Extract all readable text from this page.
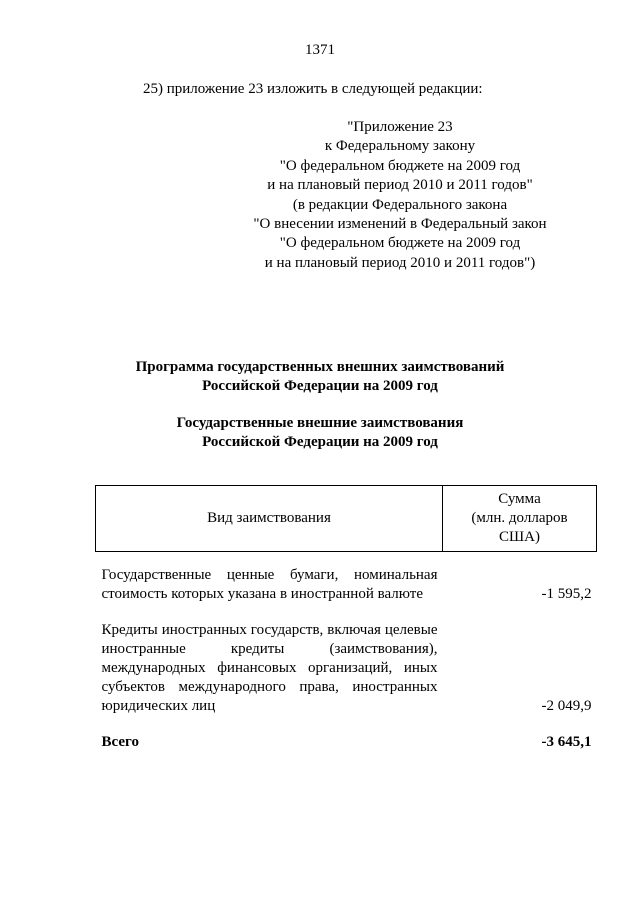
1371
25) приложение 23 изложить в следующей редакции:
"Приложение 23
к Федеральному закону
"О федеральном бюджете на 2009 год
и на плановый период 2010 и 2011 годов"
(в редакции Федерального закона
"О внесении изменений в Федеральный закон
"О федеральном бюджете на 2009 год
и на плановый период 2010 и 2011 годов")
Программа государственных внешних заимствований
Российской Федерации на 2009 год
Государственные внешние заимствования
Российской Федерации на 2009 год
Вид заимствования	Сумма
(млн. долларов
США)

Государственные ценные бумаги, номинальная стоимость которых указана в иностранной валюте	-1 595,2
Кредиты иностранных государств, включая целевые иностранные кредиты (заимствования), международных финансовых организаций, иных субъектов международного права, иностранных юридических лиц	-2 049,9
Всего	-3 645,1
